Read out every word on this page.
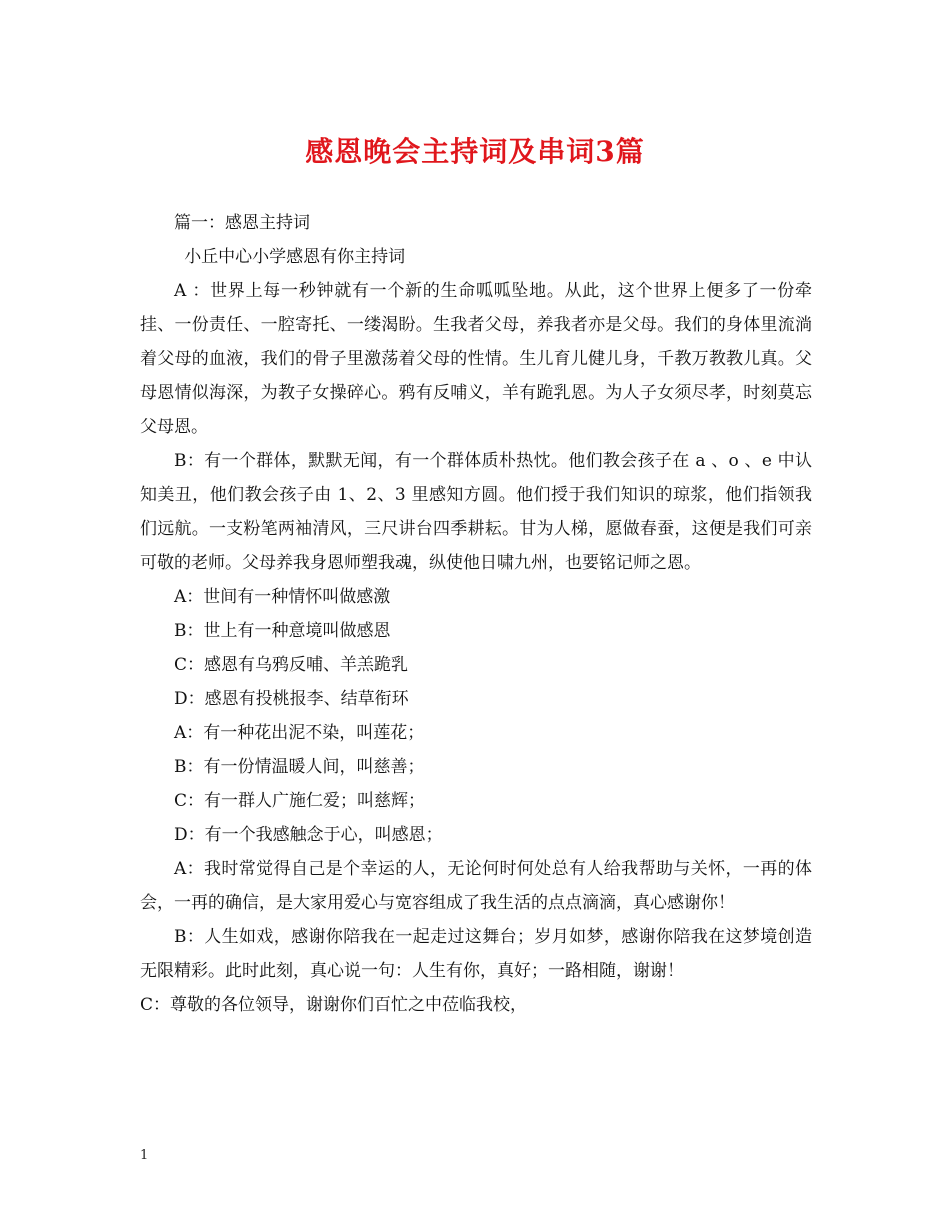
感恩晚会主持词及串词3篇

篇一：感恩主持词

小丘中心小学感恩有你主持词

A ：世界上每一秒钟就有一个新的生命呱呱坠地。从此，这个世界上便多了一份牵挂、一份责任、一腔寄托、一缕渴盼。生我者父母，养我者亦是父母。我们的身体里流淌着父母的血液，我们的骨子里激荡着父母的性情。生儿育儿健儿身，千教万教教儿真。父母恩情似海深，为教子女操碎心。鸦有反哺义，羊有跪乳恩。为人子女须尽孝，时刻莫忘父母恩。

B：有一个群体，默默无闻，有一个群体质朴热忱。他们教会孩子在 a 、o 、e 中认知美丑，他们教会孩子由 1、2、3 里感知方圆。他们授于我们知识的琼浆，他们指领我们远航。一支粉笔两袖清风，三尺讲台四季耕耘。甘为人梯，愿做春蚕，这便是我们可亲可敬的老师。父母养我身恩师塑我魂，纵使他日啸九州，也要铭记师之恩。

A：世间有一种情怀叫做感激

B：世上有一种意境叫做感恩

C：感恩有乌鸦反哺、羊羔跪乳

D：感恩有投桃报李、结草衔环

A：有一种花出泥不染，叫莲花；

B：有一份情温暖人间，叫慈善；

C：有一群人广施仁爱；叫慈辉；

D：有一个我感触念于心，叫感恩；

A：我时常觉得自己是个幸运的人，无论何时何处总有人给我帮助与关怀，一再的体会，一再的确信，是大家用爱心与宽容组成了我生活的点点滴滴，真心感谢你！

B：人生如戏，感谢你陪我在一起走过这舞台；岁月如梦，感谢你陪我在这梦境创造无限精彩。此时此刻，真心说一句：人生有你，真好；一路相随，谢谢！

C：尊敬的各位领导，谢谢你们百忙之中莅临我校，

1
